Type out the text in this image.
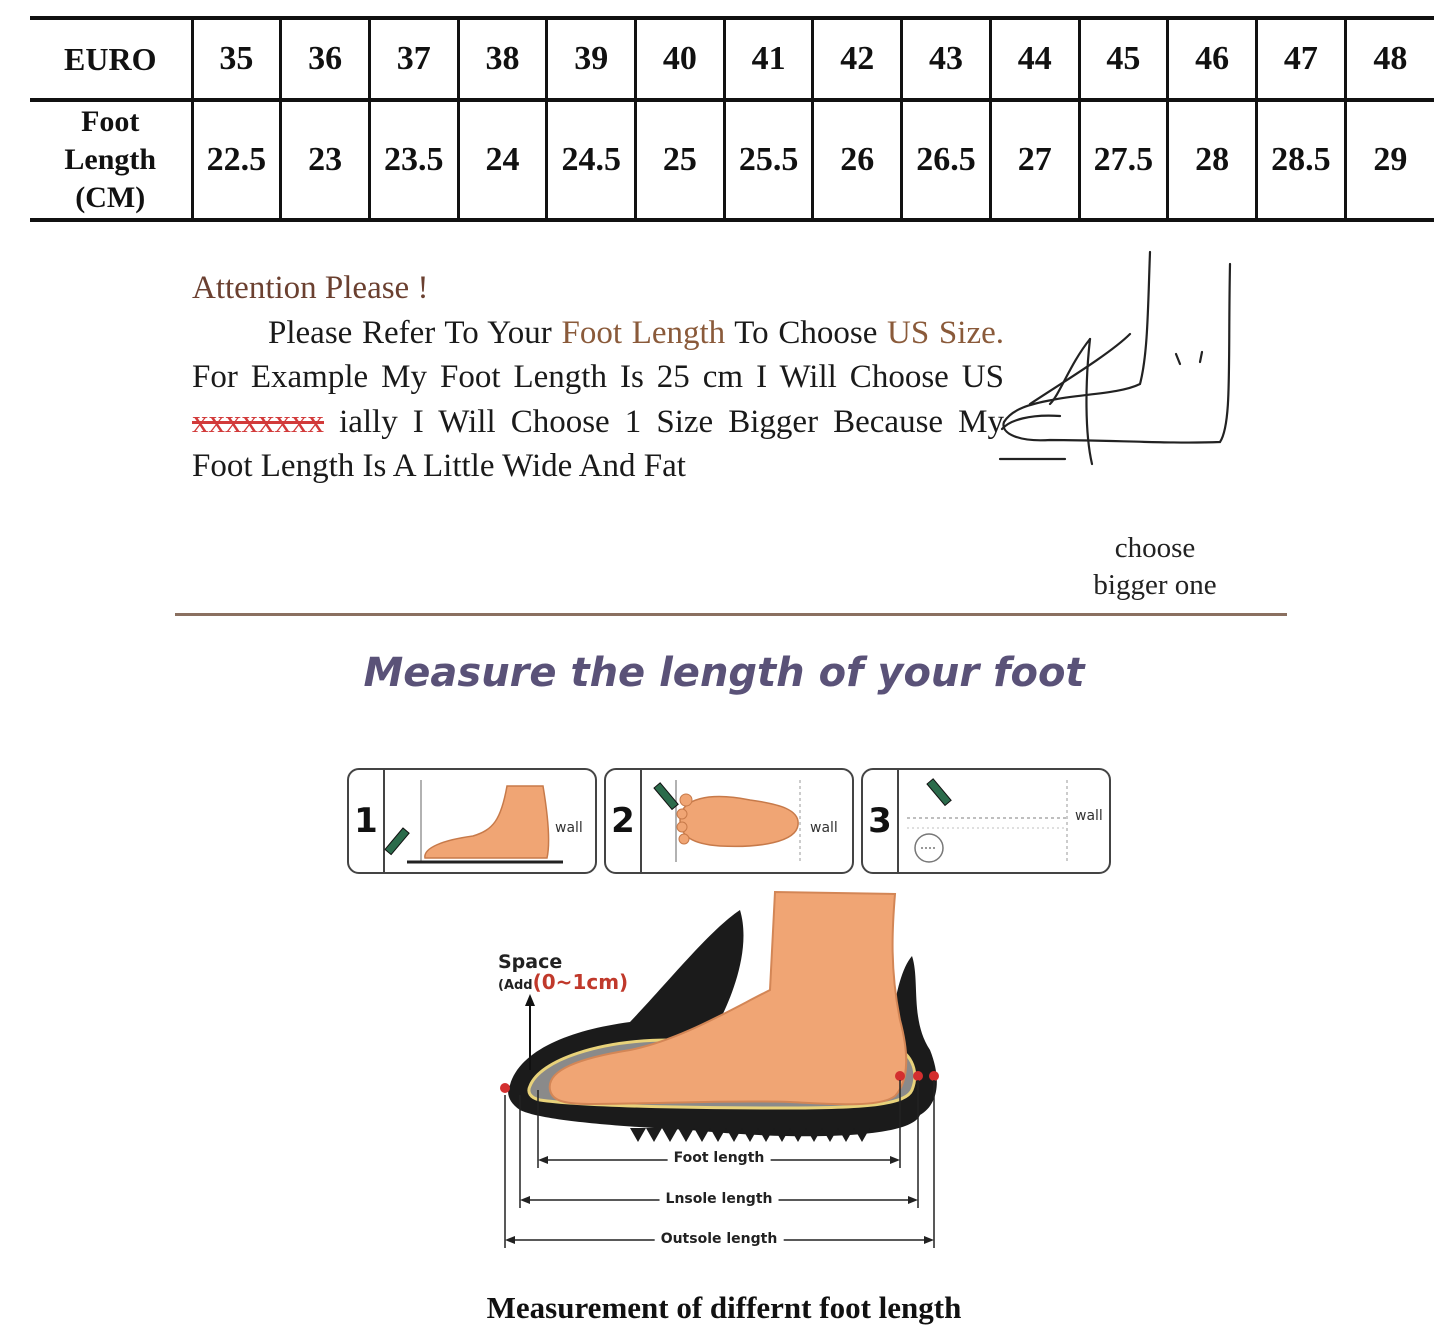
EURO	35	36	37	38	39	40	41	42	43	44	45	46	47	48

Foot
Length
(CM)	22.5	23	23.5	24	24.5	25	25.5	26	26.5	27	27.5	28	28.5	29
Attention Please !
Please Refer To Your Foot Length To Choose US Size. For Example My Foot Length Is 25 cm I Will Choose US xxxxxxxx ially I Will Choose 1 Size Bigger Because My Foot Length Is A Little Wide And Fat
choose
bigger one
Measure the length of your foot
1	wall 2	wall 3	wall
Space
(Add(0~1cm)
Foot length
Lnsole length
Outsole length
Measurement of differnt foot length
